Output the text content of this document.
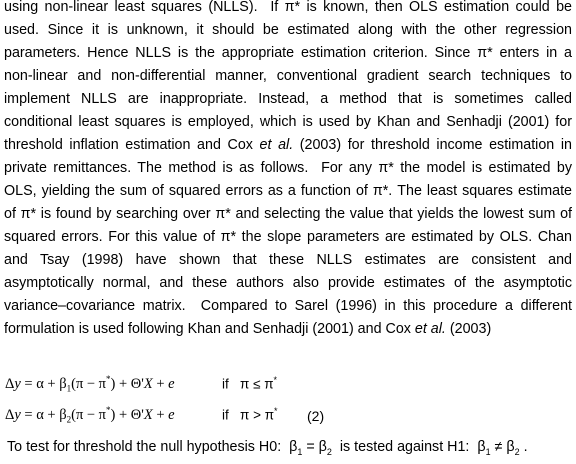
using non-linear least squares (NLLS).  If π* is known, then OLS estimation could be
used. Since it is unknown, it should be estimated along with the other regression
parameters. Hence NLLS is the appropriate estimation criterion. Since π* enters in a
non-linear and non-differential manner, conventional gradient search techniques to
implement NLLS are inappropriate. Instead, a method that is sometimes called
conditional least squares is employed, which is used by Khan and Senhadji (2001) for
threshold inflation estimation and Cox et al. (2003) for threshold income estimation in
private remittances. The method is as follows.  For any π* the model is estimated by
OLS, yielding the sum of squared errors as a function of π*. The least squares estimate
of π* is found by searching over π* and selecting the value that yields the lowest sum of
squared errors. For this value of π* the slope parameters are estimated by OLS. Chan
and Tsay (1998) have shown that these NLLS estimates are consistent and
asymptotically normal, and these authors also provide estimates of the asymptotic
variance–covariance matrix.  Compared to Sarel (1996) in this procedure a different
formulation is used following Khan and Senhadji (2001) and Cox et al. (2003)
$\Delta y = \alpha + \beta_1(\pi - \pi^*) + \Theta'X + e$	if   π ≤ π*
$\Delta y = \alpha + \beta_2(\pi - \pi^*) + \Theta'X + e$	if   π > π* (2)
To test for threshold the null hypothesis H0:  $\beta_1 = \beta_2$  is tested against H1:  $\beta_1 \ne \beta_2$ .
